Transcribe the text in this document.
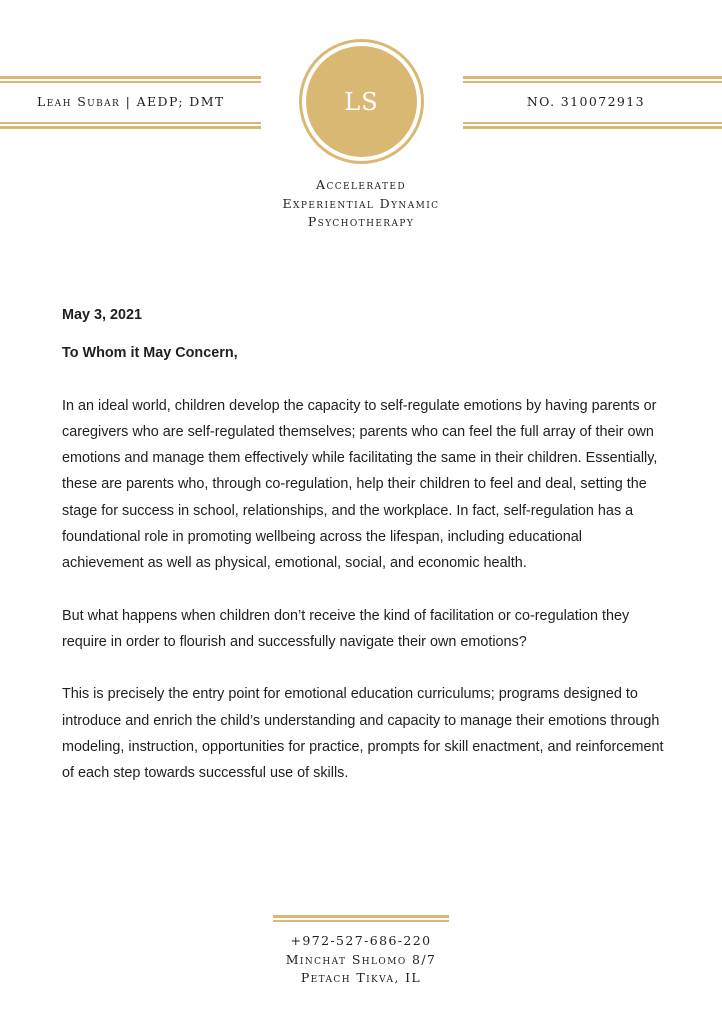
Leah Subar | AEDP; DMT	NO. 310072913
LS
Accelerated
Experiential Dynamic
Psychotherapy

May 3, 2021

To Whom it May Concern,

In an ideal world, children develop the capacity to self-regulate emotions by having parents or caregivers who are self-regulated themselves; parents who can feel the full array of their own emotions and manage them effectively while facilitating the same in their children. Essentially, these are parents who, through co-regulation, help their children to feel and deal, setting the stage for success in school, relationships, and the workplace. In fact, self-regulation has a foundational role in promoting wellbeing across the lifespan, including educational achievement as well as physical, emotional, social, and economic health.

But what happens when children don’t receive the kind of facilitation or co-regulation they require in order to flourish and successfully navigate their own emotions?

This is precisely the entry point for emotional education curriculums; programs designed to introduce and enrich the child’s understanding and capacity to manage their emotions through modeling, instruction, opportunities for practice, prompts for skill enactment, and reinforcement of each step towards successful use of skills.

+972-527-686-220
Minchat Shlomo 8/7
Petach Tikva, IL
